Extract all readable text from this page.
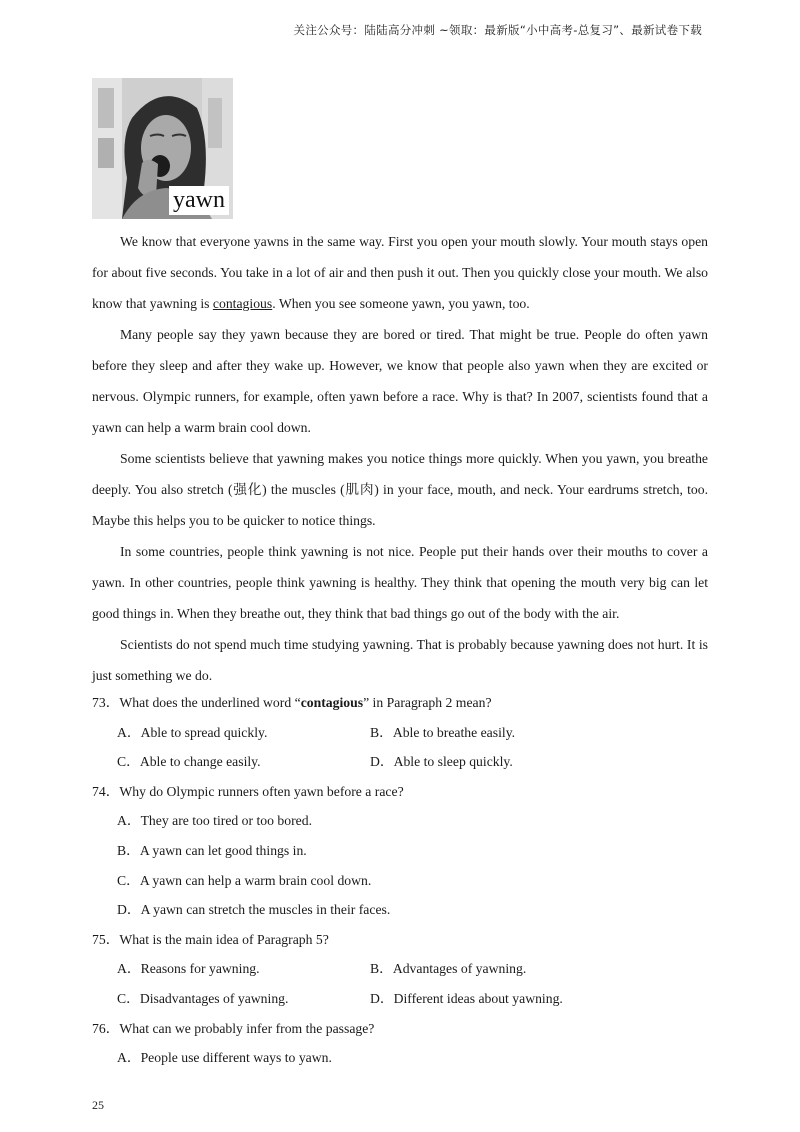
关注公众号：陆陆高分冲刺 ~领取：最新版“小中高考-总复习”、最新试卷下载
yawn

We know that everyone yawns in the same way. First you open your mouth slowly. Your mouth stays open for about five seconds. You take in a lot of air and then push it out. Then you quickly close your mouth. We also know that yawning is contagious. When you see someone yawn, you yawn, too.

Many people say they yawn because they are bored or tired. That might be true. People do often yawn before they sleep and after they wake up. However, we know that people also yawn when they are excited or nervous. Olympic runners, for example, often yawn before a race. Why is that? In 2007, scientists found that a yawn can help a warm brain cool down.

Some scientists believe that yawning makes you notice things more quickly. When you yawn, you breathe deeply. You also stretch (强化) the muscles (肌肉) in your face, mouth, and neck. Your eardrums stretch, too. Maybe this helps you to be quicker to notice things.

In some countries, people think yawning is not nice. People put their hands over their mouths to cover a yawn. In other countries, people think yawning is healthy. They think that opening the mouth very big can let good things in. When they breathe out, they think that bad things go out of the body with the air.

Scientists do not spend much time studying yawning. That is probably because yawning does not hurt. It is just something we do.

73．What does the underlined word “contagious” in Paragraph 2 mean?
A．Able to spread quickly.	B．Able to breathe easily.
C．Able to change easily.	D．Able to sleep quickly.
74．Why do Olympic runners often yawn before a race?
A．They are too tired or too bored.
B．A yawn can let good things in.
C．A yawn can help a warm brain cool down.
D．A yawn can stretch the muscles in their faces.
75．What is the main idea of Paragraph 5?
A．Reasons for yawning.	B．Advantages of yawning.
C．Disadvantages of yawning.	D．Different ideas about yawning.
76．What can we probably infer from the passage?
A．People use different ways to yawn.
25
